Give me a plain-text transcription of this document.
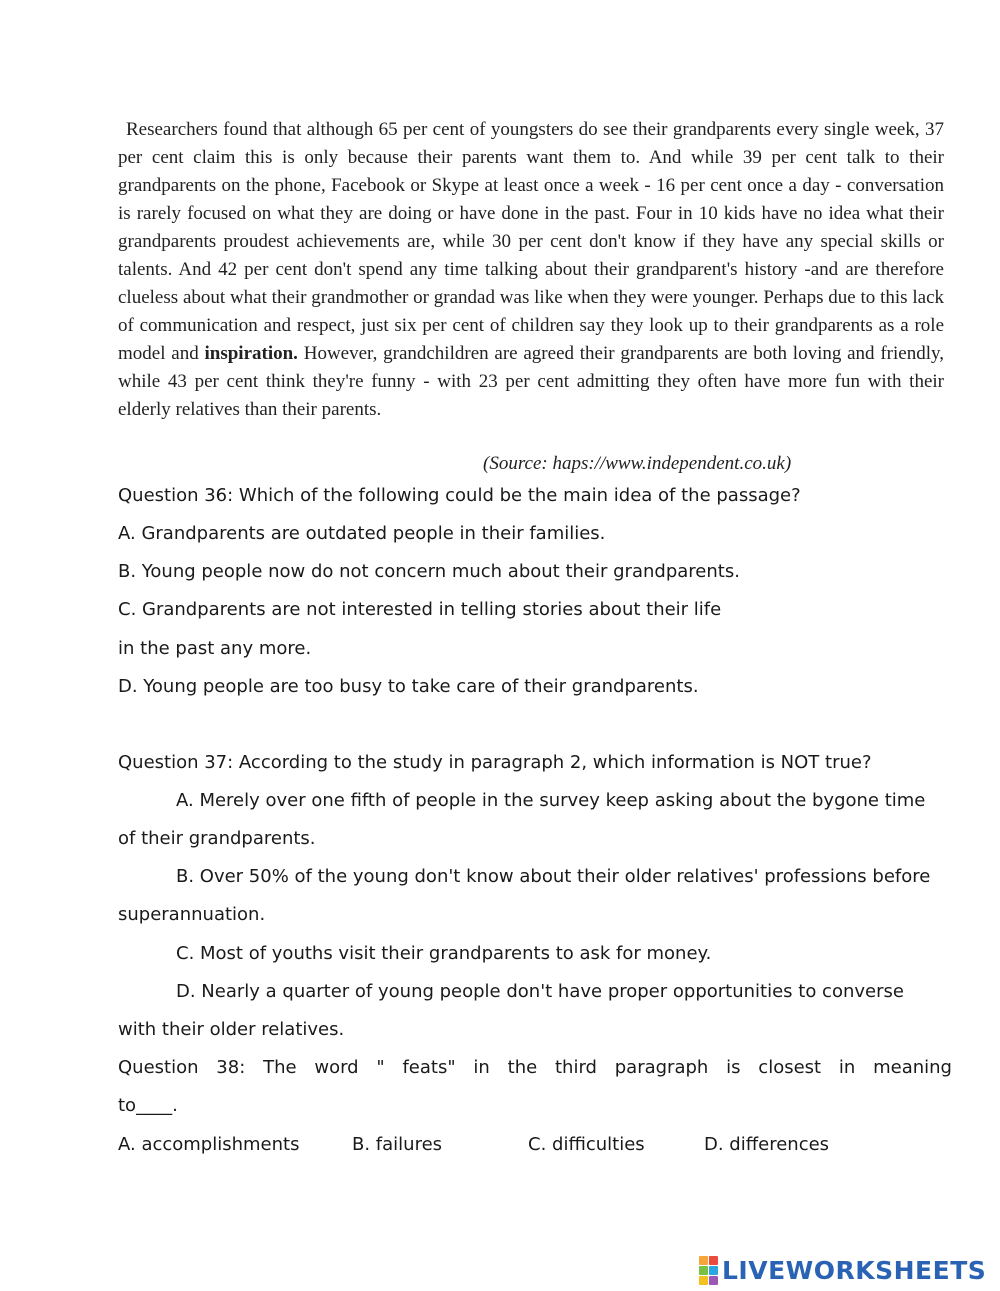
Researchers found that although 65 per cent of youngsters do see their grandparents every single week, 37 per cent claim this is only because their parents want them to. And while 39 per cent talk to their grandparents on the phone, Facebook or Skype at least once a week - 16 per cent once a day - conversation is rarely focused on what they are doing or have done in the past. Four in 10 kids have no idea what their grandparents proudest achievements are, while 30 per cent don't know if they have any special skills or talents. And 42 per cent don't spend any time talking about their grandparent's history -and are therefore clueless about what their grandmother or grandad was like when they were younger. Perhaps due to this lack of communication and respect, just six per cent of children say they look up to their grandparents as a role model and inspiration. However, grandchildren are agreed their grandparents are both loving and friendly, while 43 per cent think they're funny - with 23 per cent admitting they often have more fun with their elderly relatives than their parents.

(Source: haps://www.independent.co.uk)
Question 36: Which of the following could be the main idea of the passage?
A. Grandparents are outdated people in their families.
B. Young people now do not concern much about their grandparents.
C. Grandparents are not interested in telling stories about their life
in the past any more.
D. Young people are too busy to take care of their grandparents.
Question 37: According to the study in paragraph 2, which information is NOT true?
A. Merely over one fifth of people in the survey keep asking about the bygone time
of their grandparents.
B. Over 50% of the young don't know about their older relatives' professions before
superannuation.
C. Most of youths visit their grandparents to ask for money.
D. Nearly a quarter of young people don't have proper opportunities to converse
with their older relatives.
Question 38: The word " feats" in the third paragraph is closest in meaning
to____.
A. accomplishments	B. failures	C. difficulties	D. differences
LIVEWORKSHEETS
